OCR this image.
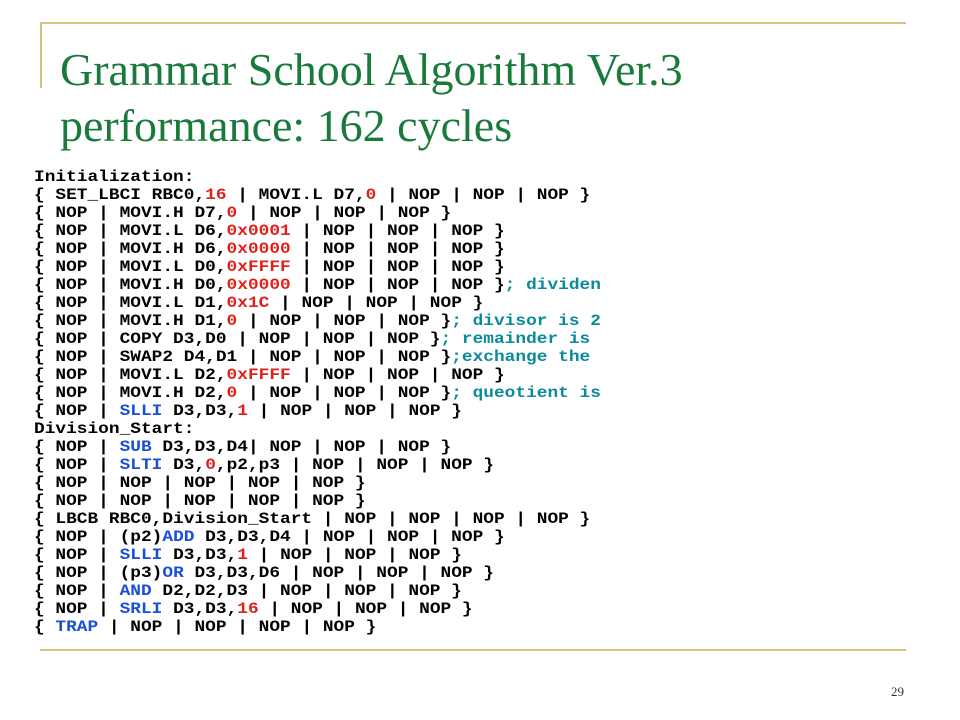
Grammar School Algorithm Ver.3
performance: 162 cycles
Initialization:
{ SET_LBCI RBC0,16 | MOVI.L D7,0 | NOP | NOP | NOP }
{ NOP | MOVI.H D7,0 | NOP | NOP | NOP }
{ NOP | MOVI.L D6,0x0001 | NOP | NOP | NOP }
{ NOP | MOVI.H D6,0x0000 | NOP | NOP | NOP }
{ NOP | MOVI.L D0,0xFFFF | NOP | NOP | NOP }
{ NOP | MOVI.H D0,0x0000 | NOP | NOP | NOP }; dividen
{ NOP | MOVI.L D1,0x1C | NOP | NOP | NOP }
{ NOP | MOVI.H D1,0 | NOP | NOP | NOP }; divisor is 2
{ NOP | COPY D3,D0 | NOP | NOP | NOP }; remainder is
{ NOP | SWAP2 D4,D1 | NOP | NOP | NOP };exchange the
{ NOP | MOVI.L D2,0xFFFF | NOP | NOP | NOP }
{ NOP | MOVI.H D2,0 | NOP | NOP | NOP }; queotient is
{ NOP | SLLI D3,D3,1 | NOP | NOP | NOP }
Division_Start:
{ NOP | SUB D3,D3,D4| NOP | NOP | NOP }
{ NOP | SLTI D3,0,p2,p3 | NOP | NOP | NOP }
{ NOP | NOP | NOP | NOP | NOP }
{ NOP | NOP | NOP | NOP | NOP }
{ LBCB RBC0,Division_Start | NOP | NOP | NOP | NOP }
{ NOP | (p2)ADD D3,D3,D4 | NOP | NOP | NOP }
{ NOP | SLLI D3,D3,1 | NOP | NOP | NOP }
{ NOP | (p3)OR D3,D3,D6 | NOP | NOP | NOP }
{ NOP | AND D2,D2,D3 | NOP | NOP | NOP }
{ NOP | SRLI D3,D3,16 | NOP | NOP | NOP }
{ TRAP | NOP | NOP | NOP | NOP }
29
